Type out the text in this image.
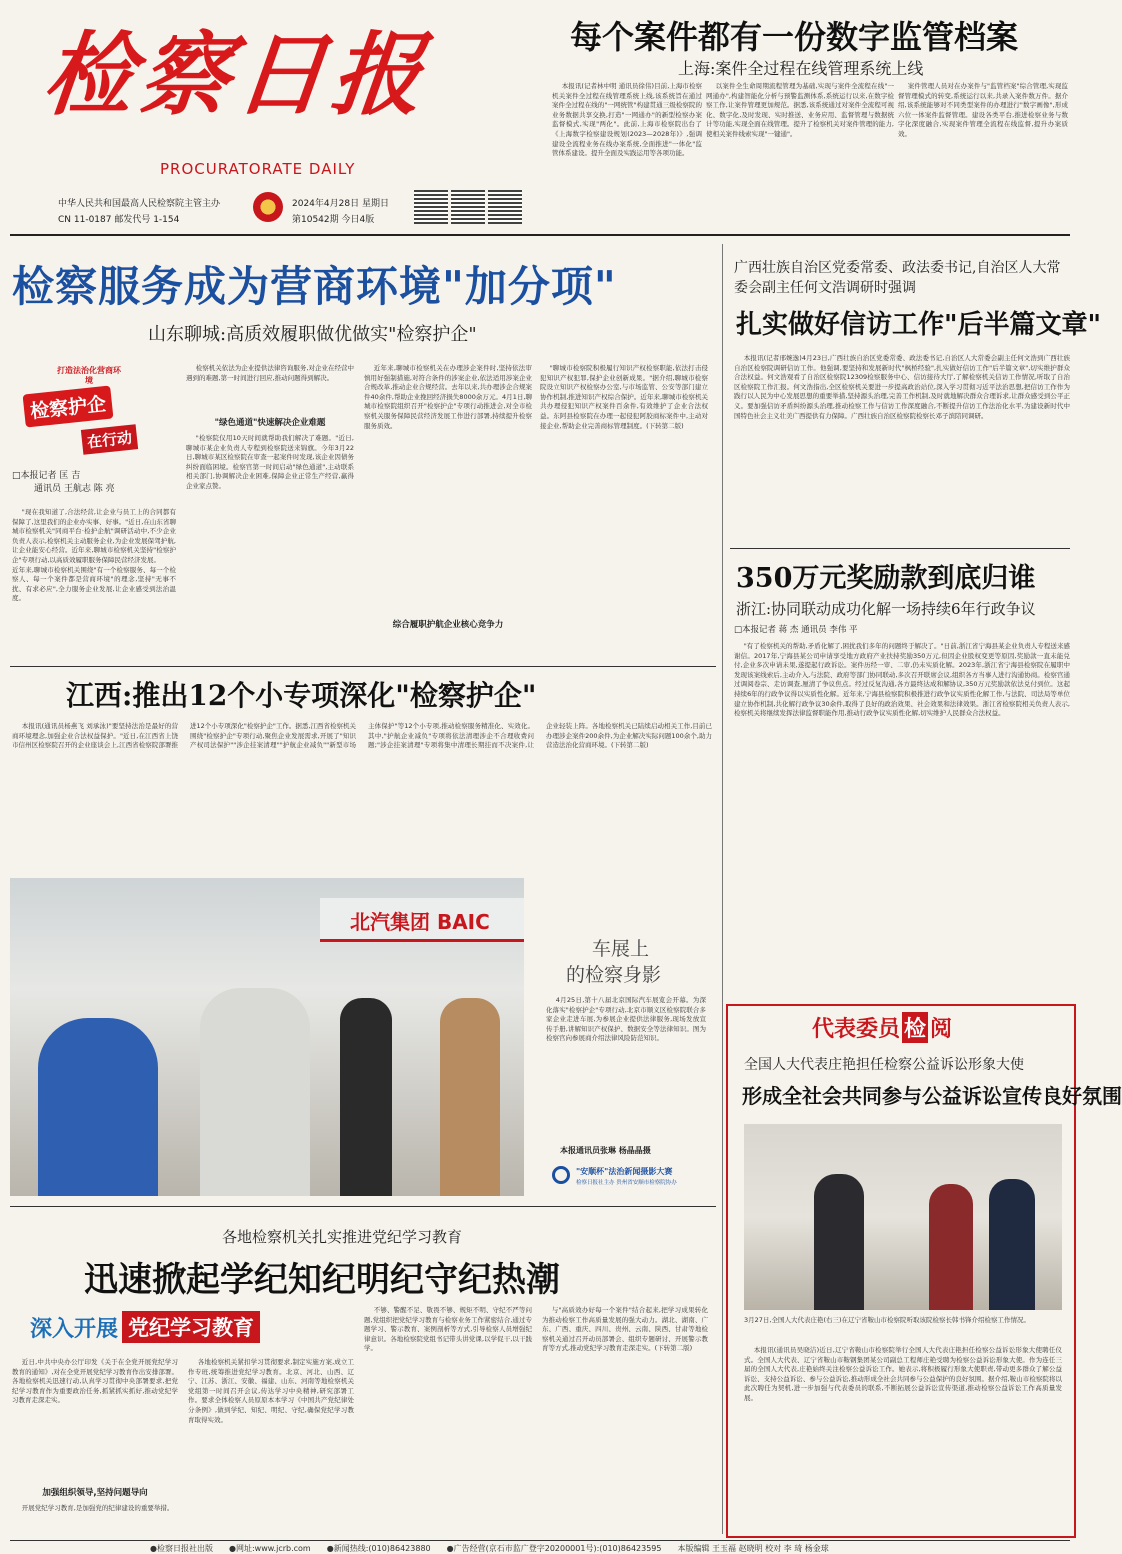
检察日报
PROCURATORATE DAILY
中华人民共和国最高人民检察院主管主办
CN 11-0187 邮发代号 1-154
2024年4月28日 星期日
第10542期 今日4版
每个案件都有一份数字监管档案
上海:案件全过程在线管理系统上线
本报讯(记者林中明 通讯员徐伟)目前,上海市检察机关案件全过程在线管理系统上线,该系统旨在通过案件全过程在线的"一网统管"构建贯通三级检察院的业务数据共享交换,打造"一网通办"的新型检察办案监督模式,实现"两化"。此前,上海市检察院出台了《上海数字检察建设规划(2023—2028年)》,强调建设全流程业务在线办案系统,全面推进"一体化"监管体系建设。提升全面及实践运用等各项功能。
以案件全生命周期流程管理为基础,实现与案件全流程在线"一网通办",构建智能化分析与预警监测体系,系统运行以来,在数字检察工作,让案件管理更加规范。据悉,该系统通过对案件全流程可视化、数字化,及时发现、实时推送、业务应用、监督管理与数据统计等功能,实现全面在线管理。提升了检察机关对案件管理的能力,使相关案件线索实现"一键通"。
案件管理人员对在办案件与"监管档案"综合管理,实现监督管理模式的转变,系统运行以来,共录入案件数万件。据介绍,该系统能够对不同类型案件的办理进行"数字画像",形成六位一体案件监督管理。建设各类平台,推进检察业务与数字化深度融合,实现案件管理全流程在线监督,提升办案质效。
检察服务成为营商环境"加分项"
山东聊城:高质效履职做优做实"检察护企"
打造法治化营商环境
检察护企 在行动
□本报记者 匡 吉
通讯员 王航志 陈 亮
"现在我知道了,合法经营,让企业与员工上的合同都有保障了,这里我们的企业办实事、好事。"近日,在山东省聊城市检察机关"同商平台·检护企航"调研活动中,不少企业负责人表示,检察机关主动服务企业,为企业发展保驾护航,让企业能安心经营。近年来,聊城市检察机关坚持"检察护企"专项行动,以高质效履职服务保障民营经济发展。
近年来,聊城市检察机关围绕"有一个检察服务、每一个检察人、每一个案件都是营商环境"的理念,坚持"无事不扰、有求必应",全力服务企业发展,让企业感受到法治温度。
检察机关依法为企业提供法律咨询服务,对企业在经营中遇到的难题,第一时间进行回应,推动问题得到解决。
"绿色通道"快速解决企业难题
"检察院仅用10天时间就帮助我们解决了难题。"近日,聊城市某企业负责人专程到检察院送来锦旗。今年3月22日,聊城市某区检察院在审查一起案件时发现,该企业因债务纠纷面临困境。检察官第一时间启动"绿色通道",主动联系相关部门,协调解决企业困难,保障企业正常生产经营,赢得企业家点赞。
近年来,聊城市检察机关在办理涉企案件时,坚持依法审慎用好强制措施,对符合条件的涉案企业,依法适用涉案企业合规改革,推动企业合规经营。去年以来,共办理涉企合规案件40余件,帮助企业挽回经济损失8000余万元。4月1日,聊城市检察院组织召开"检察护企"专项行动推进会,对全市检察机关服务保障民营经济发展工作进行部署,持续提升检察服务质效。
综合履职护航企业核心竞争力
"聊城市检察院积极履行知识产权检察职能,依法打击侵犯知识产权犯罪,保护企业创新成果。"据介绍,聊城市检察院设立知识产权检察办公室,与市场监管、公安等部门建立协作机制,推进知识产权综合保护。近年来,聊城市检察机关共办理侵犯知识产权案件百余件,有效维护了企业合法权益。东阿县检察院在办理一起侵犯阿胶商标案件中,主动对接企业,帮助企业完善商标管理制度。(下转第二版)
江西:推出12个小专项深化"检察护企"
本报讯(通讯员杨燕飞 刘承泳)"要坚持法治是最好的营商环境理念,加强企业合法权益保护。"近日,在江西省上饶市信州区检察院召开的企业座谈会上,江西省检察院部署推进12个小专项深化"检察护企"工作。据悉,江西省检察机关围绕"检察护企"专项行动,聚焦企业发展需求,开展了"知识产权司法保护""涉企挂案清理""护航企业减负""新型市场主体保护"等12个小专项,推动检察服务精准化、实效化。其中,"护航企业减负"专项将依法清理涉企不合理收费问题;"涉企挂案清理"专项将集中清理长期挂而不决案件,让企业轻装上阵。各地检察机关已陆续启动相关工作,目前已办理涉企案件200余件,为企业解决实际问题100余个,助力营造法治化营商环境。(下转第二版)
北汽集团 BAIC
车展上
的检察身影
4月25日,第十八届北京国际汽车展览会开幕。为深化落实"检察护企"专项行动,北京市顺义区检察院联合多家企业走进车展,为参展企业提供法律服务,现场发放宣传手册,讲解知识产权保护、数据安全等法律知识。图为检察官向参展商介绍法律风险防范知识。
本报通讯员张琳 杨晶晶摄
"安顺杯"法治新闻摄影大赛
检察日报社主办 贵州省安顺市检察院协办
各地检察机关扎实推进党纪学习教育
迅速掀起学纪知纪明纪守纪热潮
深入开展 党纪学习教育
近日,中共中央办公厅印发《关于在全党开展党纪学习教育的通知》,对在全党开展党纪学习教育作出安排部署。各地检察机关迅速行动,认真学习贯彻中央部署要求,把党纪学习教育作为重要政治任务,抓紧抓实抓好,推动党纪学习教育走深走实。
加强组织领导,坚持问题导向
开展党纪学习教育,是加强党的纪律建设的重要举措。
各地检察机关紧扣学习贯彻要求,制定实施方案,成立工作专班,统筹推进党纪学习教育。北京、河北、山西、辽宁、江苏、浙江、安徽、福建、山东、河南等地检察机关党组第一时间召开会议,传达学习中央精神,研究部署工作。要求全体检察人员原原本本学习《中国共产党纪律处分条例》,做到学纪、知纪、明纪、守纪,确保党纪学习教育取得实效。
不够、警醒不足、敬畏不够、规矩不明、守纪不严等问题,党组织把党纪学习教育与检察业务工作紧密结合,通过专题学习、警示教育、案例剖析等方式,引导检察人员增强纪律意识。各地检察院党组书记带头讲党课,以学促干,以干践学。
与"高质效办好每一个案件"结合起来,把学习成果转化为推动检察工作高质量发展的强大动力。湖北、湖南、广东、广西、重庆、四川、贵州、云南、陕西、甘肃等地检察机关通过召开动员部署会、组织专题研讨、开展警示教育等方式,推动党纪学习教育走深走实。(下转第二版)
广西壮族自治区党委常委、政法委书记,自治区人大常委会副主任何文浩调研时强调
扎实做好信访工作"后半篇文章"
本报讯(记者邢婉逸)4月23日,广西壮族自治区党委常委、政法委书记,自治区人大常委会副主任何文浩到广西壮族自治区检察院调研信访工作。他强调,要坚持和发展新时代"枫桥经验",扎实做好信访工作"后半篇文章",切实维护群众合法权益。何文浩观看了自治区检察院12309检察服务中心、信访接待大厅,了解检察机关信访工作情况,听取了自治区检察院工作汇报。何文浩指出,全区检察机关要进一步提高政治站位,深入学习贯彻习近平法治思想,把信访工作作为践行以人民为中心发展思想的重要举措,坚持源头治理,完善工作机制,及时就地解决群众合理诉求,让群众感受到公平正义。要加强信访矛盾纠纷源头治理,推动检察工作与信访工作深度融合,不断提升信访工作法治化水平,为建设新时代中国特色社会主义壮美广西提供有力保障。广西壮族自治区检察院检察长邓子滨陪同调研。
350万元奖励款到底归谁
浙江:协同联动成功化解一场持续6年行政争议
□本报记者 蒋 杰 通讯员 李伟 平
"有了检察机关的帮助,矛盾化解了,困扰我们多年的问题终于解决了。"日前,浙江省宁海县某企业负责人专程送来感谢信。2017年,宁海县某公司申请享受地方政府产业扶持奖励350万元,但因企业股权变更等原因,奖励款一直未能兑付,企业多次申请未果,遂提起行政诉讼。案件历经一审、二审,仍未实质化解。2023年,浙江省宁海县检察院在履职中发现该案线索后,主动介入,与法院、政府等部门协同联动,多次召开联席会议,组织各方当事人进行沟通协商。检察官通过调阅卷宗、走访调查,厘清了争议焦点。经过反复沟通,各方最终达成和解协议,350万元奖励款依法兑付到位。这起持续6年的行政争议得以实质性化解。近年来,宁海县检察院积极推进行政争议实质性化解工作,与法院、司法局等单位建立协作机制,共化解行政争议30余件,取得了良好的政治效果、社会效果和法律效果。浙江省检察院相关负责人表示,检察机关将继续发挥法律监督职能作用,推动行政争议实质性化解,切实维护人民群众合法权益。
代表委员 检 阅
全国人大代表庄艳担任检察公益诉讼形象大使
形成全社会共同参与公益诉讼宣传良好氛围
3月27日,全国人大代表庄艳(右三)在辽宁省鞍山市检察院听取该院检察长韩书锋介绍检察工作情况。
本报讯(通讯员吴晓洁)近日,辽宁省鞍山市检察院举行全国人大代表庄艳担任检察公益诉讼形象大使聘任仪式。全国人大代表、辽宁省鞍山市鞍钢集团某公司副总工程师庄艳受聘为检察公益诉讼形象大使。作为连任三届的全国人大代表,庄艳始终关注检察公益诉讼工作。她表示,将积极履行形象大使职责,带动更多群众了解公益诉讼、支持公益诉讼、参与公益诉讼,推动形成全社会共同参与公益保护的良好氛围。据介绍,鞍山市检察院将以此次聘任为契机,进一步加强与代表委员的联系,不断拓展公益诉讼宣传渠道,推动检察公益诉讼工作高质量发展。
●检察日报社出版 ●网址:www.jcrb.com ●新闻热线:(010)86423880 ●广告经营(京石市监广登字20200001号):(010)86423595 本版编辑 王玉福 赵晓明 校对 李 琦 杨金球
